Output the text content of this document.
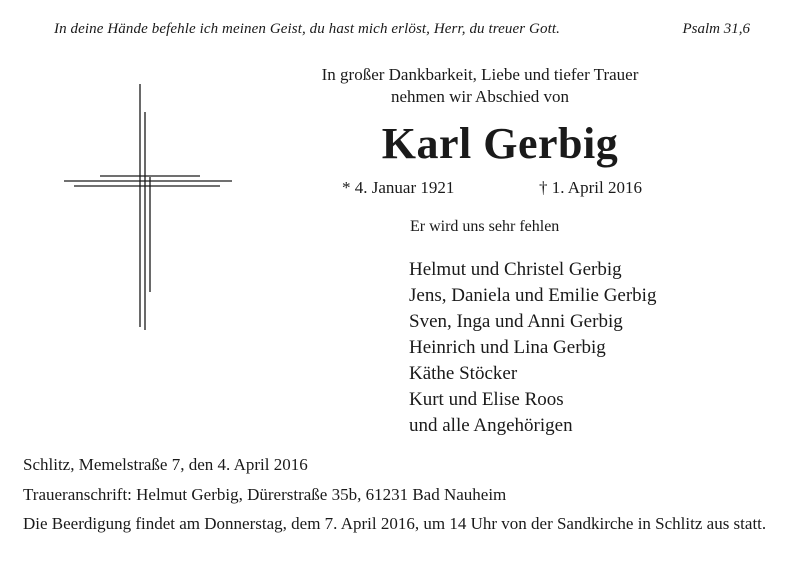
In deine Hände befehle ich meinen Geist, du hast mich erlöst, Herr, du treuer Gott.	Psalm 31,6
In großer Dankbarkeit, Liebe und tiefer Trauer
nehmen wir Abschied von
Karl Gerbig
* 4. Januar 1921	† 1. April 2016
Er wird uns sehr fehlen
Helmut und Christel Gerbig
Jens, Daniela und Emilie Gerbig
Sven, Inga und Anni Gerbig
Heinrich und Lina Gerbig
Käthe Stöcker
Kurt und Elise Roos
und alle Angehörigen
Schlitz, Memelstraße 7, den 4. April 2016
Traueranschrift: Helmut Gerbig, Dürerstraße 35b, 61231 Bad Nauheim
Die Beerdigung findet am Donnerstag, dem 7. April 2016, um 14 Uhr von der Sandkirche in Schlitz aus statt.
